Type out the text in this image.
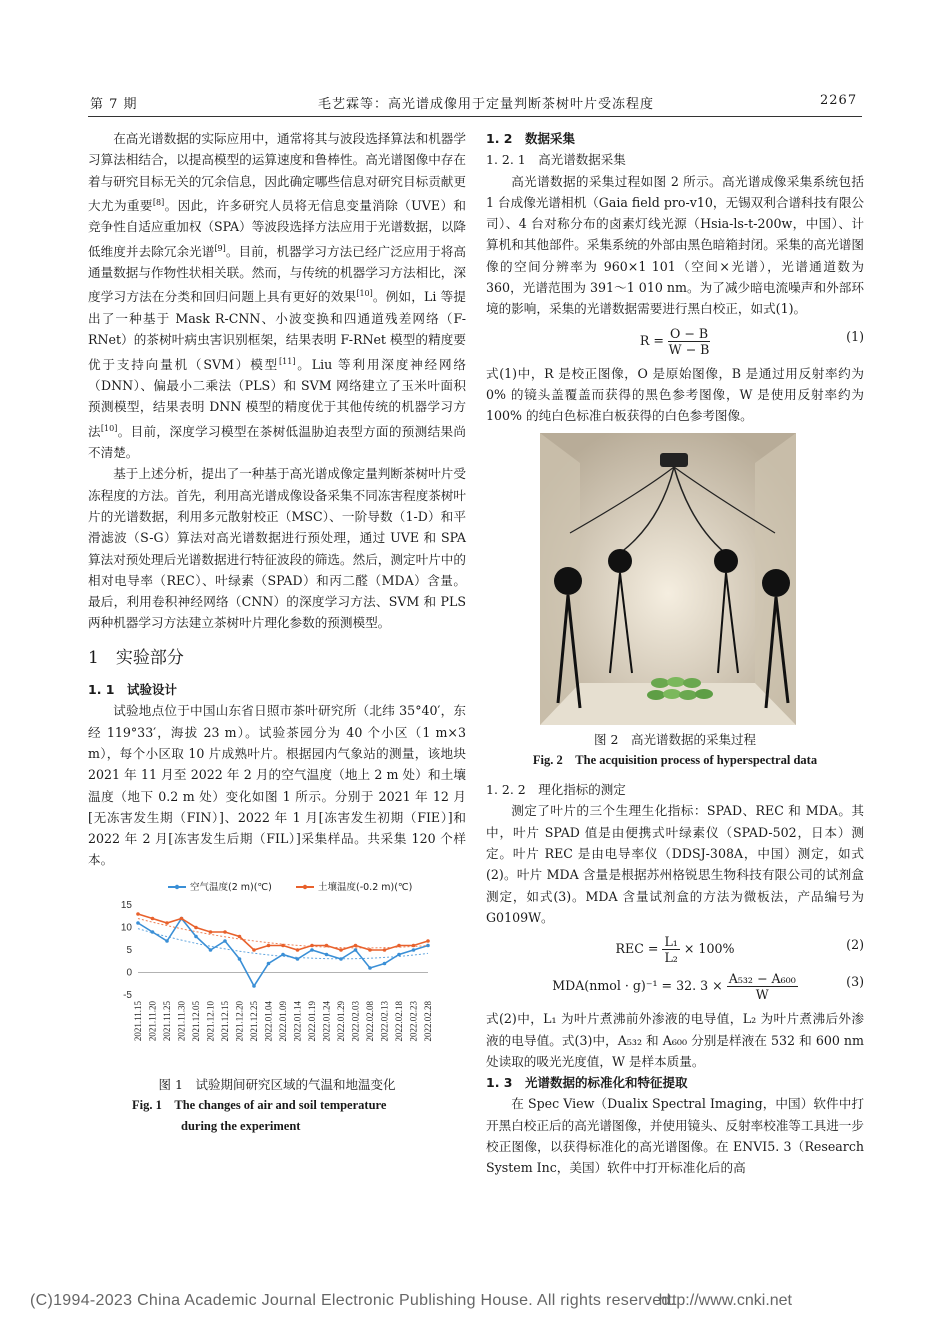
第 7 期	毛艺霖等：高光谱成像用于定量判断茶树叶片受冻程度	2267

在高光谱数据的实际应用中，通常将其与波段选择算法和机器学习算法相结合，以提高模型的运算速度和鲁棒性。高光谱图像中存在着与研究目标无关的冗余信息，因此确定哪些信息对研究目标贡献更大尤为重要[8]。因此，许多研究人员将无信息变量消除（UVE）和竞争性自适应重加权（SPA）等波段选择方法应用于光谱数据，以降低维度并去除冗余光谱[9]。目前，机器学习方法已经广泛应用于将高通量数据与作物性状相关联。然而，与传统的机器学习方法相比，深度学习方法在分类和回归问题上具有更好的效果[10]。例如，Li 等提出了一种基于 Mask R-CNN、小波变换和四通道残差网络（F-RNet）的茶树叶病虫害识别框架，结果表明 F-RNet 模型的精度要优于支持向量机（SVM）模型[11]。Liu 等利用深度神经网络（DNN）、偏最小二乘法（PLS）和 SVM 网络建立了玉米叶面积预测模型，结果表明 DNN 模型的精度优于其他传统的机器学习方法[10]。目前，深度学习模型在茶树低温胁迫表型方面的预测结果尚不清楚。

基于上述分析，提出了一种基于高光谱成像定量判断茶树叶片受冻程度的方法。首先，利用高光谱成像设备采集不同冻害程度茶树叶片的光谱数据，利用多元散射校正（MSC）、一阶导数（1-D）和平滑滤波（S-G）算法对高光谱数据进行预处理，通过 UVE 和 SPA 算法对预处理后光谱数据进行特征波段的筛选。然后，测定叶片中的相对电导率（REC）、叶绿素（SPAD）和丙二醛（MDA）含量。最后，利用卷积神经网络（CNN）的深度学习方法、SVM 和 PLS 两种机器学习方法建立茶树叶片理化参数的预测模型。

1　实验部分

1. 1　试验设计

试验地点位于中国山东省日照市茶叶研究所（北纬 35°40′，东经 119°33′，海拔 23 m）。试验茶园分为 40 个小区（1 m×3 m），每个小区取 10 片成熟叶片。根据园内气象站的测量，该地块 2021 年 11 月至 2022 年 2 月的空气温度（地上 2 m 处）和土壤温度（地下 0.2 m 处）变化如图 1 所示。分别于 2021 年 12 月[无冻害发生期（FIN）]、2022 年 1 月[冻害发生初期（FIE）]和 2022 年 2 月[冻害发生后期（FIL）]采集样品。共采集 120 个样本。

15
10
5
0
-5
2021.11.15 2021.11.20 2021.11.25 2021.11.30 2021.12.05 2021.12.10 2021.12.15 2021.12.20 2021.12.25 2022.01.04 2022.01.09 2022.01.14 2022.01.19 2022.01.24 2022.01.29 2022.02.03 2022.02.08 2022.02.13 2022.02.18 2022.02.23 2022.02.28
空气温度(2 m)(℃)	土壤温度(-0.2 m)(℃)
图 1　试验期间研究区域的气温和地温变化
Fig. 1　The changes of air and soil temperature
during the experiment

1. 2　数据采集

1. 2. 1　高光谱数据采集

高光谱数据的采集过程如图 2 所示。高光谱成像采集系统包括 1 台成像光谱相机（Gaia field pro-v10，无锡双利合谱科技有限公司）、4 台对称分布的卤素灯线光源（Hsia-ls-t-200w，中国）、计算机和其他部件。采集系统的外部由黑色暗箱封闭。采集的高光谱图像的空间分辨率为 960×1 101（空间×光谱），光谱通道数为 360，光谱范围为 391～1 010 nm。为了减少暗电流噪声和外部环境的影响，采集的光谱数据需要进行黑白校正，如式(1)。

$R = \frac{O - B}{W - B}$	(1)

式(1)中，R 是校正图像，O 是原始图像，B 是通过用反射率约为 0% 的镜头盖覆盖而获得的黑色参考图像，W 是使用反射率约为 100% 的纯白色标准白板获得的白色参考图像。

图 2　高光谱数据的采集过程
Fig. 2　The acquisition process of hyperspectral data

1. 2. 2　理化指标的测定

测定了叶片的三个生理生化指标：SPAD、REC 和 MDA。其中，叶片 SPAD 值是由便携式叶绿素仪（SPAD-502，日本）测定。叶片 REC 是由电导率仪（DDSJ-308A，中国）测定，如式(2)。叶片 MDA 含量是根据苏州格锐思生物科技有限公司的试剂盒测定，如式(3)。MDA 含量试剂盒的方法为微板法，产品编号为 G0109W。

REC = $\frac{\text{L₁}}{\text{L₂}} \times 100\%$	(2)
MDA(nmol · g)⁻¹ = 32. $3 \times \frac{\text{A₅₃₂ − A₆₀₀}}{W}$	(3)

式(2)中，L₁ 为叶片煮沸前外渗液的电导值，L₂ 为叶片煮沸后外渗液的电导值。式(3)中，A₅₃₂ 和 A₆₀₀ 分别是样液在 532 和 600 nm 处读取的吸光光度值，W 是样本质量。

1. 3　光谱数据的标准化和特征提取

在 Spec View（Dualix Spectral Imaging，中国）软件中打开黑白校正后的高光谱图像，并使用镜头、反射率校准等工具进一步校正图像，以获得标准化的高光谱图像。在 ENVI5. 3（Research System Inc，美国）软件中打开标准化后的高

(C)1994-2023 China Academic Journal Electronic Publishing House. All rights reserved.
http://www.cnki.net
